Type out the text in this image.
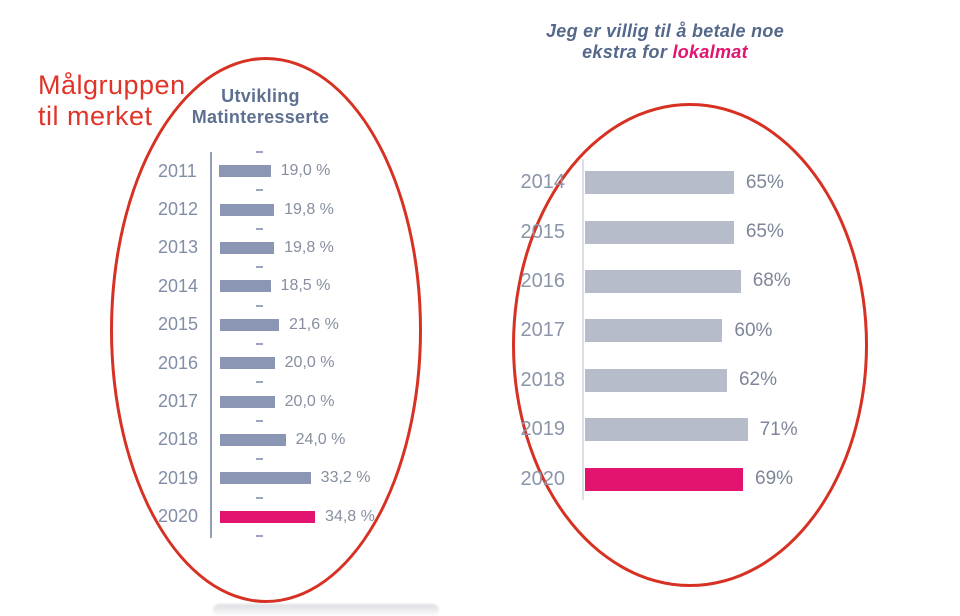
Målgruppen
til merket
Utvikling Matinteresserte
Jeg er villig til å betale noe
ekstra for lokalmat
2011	19,0 %
2012	19,8 %
2013	19,8 %
2014	18,5 %
2015	21,6 %
2016	20,0 %
2017	20,0 %
2018	24,0 %
2019	33,2 %
2020	34,8 %
2014	65%
2015	65%
2016	68%
2017	60%
2018	62%
2019	71%
2020	69%
